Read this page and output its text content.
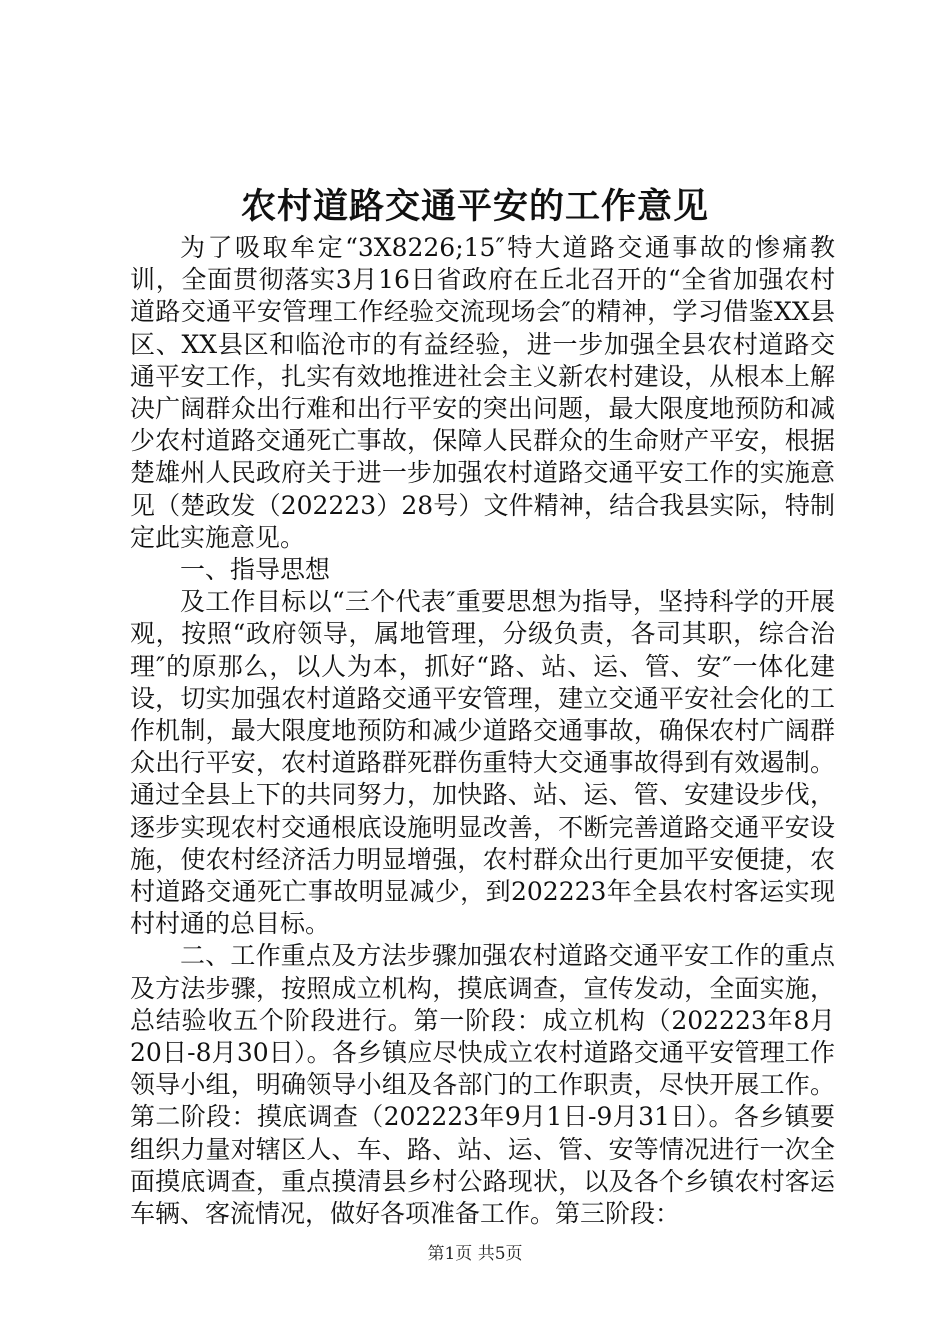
农村道路交通平安的工作意见

为了吸取牟定“3X8226;15″特大道路交通事故的惨痛教训，全面贯彻落实3月16日省政府在丘北召开的“全省加强农村道路交通平安管理工作经验交流现场会″的精神，学习借鉴XX县区、XX县区和临沧市的有益经验，进一步加强全县农村道路交通平安工作，扎实有效地推进社会主义新农村建设，从根本上解决广阔群众出行难和出行平安的突出问题，最大限度地预防和减少农村道路交通死亡事故，保障人民群众的生命财产平安，根据楚雄州人民政府关于进一步加强农村道路交通平安工作的实施意见（楚政发（202223）28号）文件精神，结合我县实际，特制定此实施意见。

一、指导思想

及工作目标以“三个代表″重要思想为指导，坚持科学的开展观，按照“政府领导，属地管理，分级负责，各司其职，综合治理″的原那么，以人为本，抓好“路、站、运、管、安″一体化建设，切实加强农村道路交通平安管理，建立交通平安社会化的工作机制，最大限度地预防和减少道路交通事故，确保农村广阔群众出行平安，农村道路群死群伤重特大交通事故得到有效遏制。通过全县上下的共同努力，加快路、站、运、管、安建设步伐，逐步实现农村交通根底设施明显改善，不断完善道路交通平安设施，使农村经济活力明显增强，农村群众出行更加平安便捷，农村道路交通死亡事故明显减少，到202223年全县农村客运实现村村通的总目标。

二、工作重点及方法步骤加强农村道路交通平安工作的重点及方法步骤，按照成立机构，摸底调查，宣传发动，全面实施，总结验收五个阶段进行。第一阶段：成立机构（202223年8月20日-8月30日）。各乡镇应尽快成立农村道路交通平安管理工作领导小组，明确领导小组及各部门的工作职责，尽快开展工作。第二阶段：摸底调查（202223年9月1日-9月31日）。各乡镇要组织力量对辖区人、车、路、站、运、管、安等情况进行一次全面摸底调查，重点摸清县乡村公路现状，以及各个乡镇农村客运车辆、客流情况，做好各项准备工作。第三阶段：

第1页 共5页
